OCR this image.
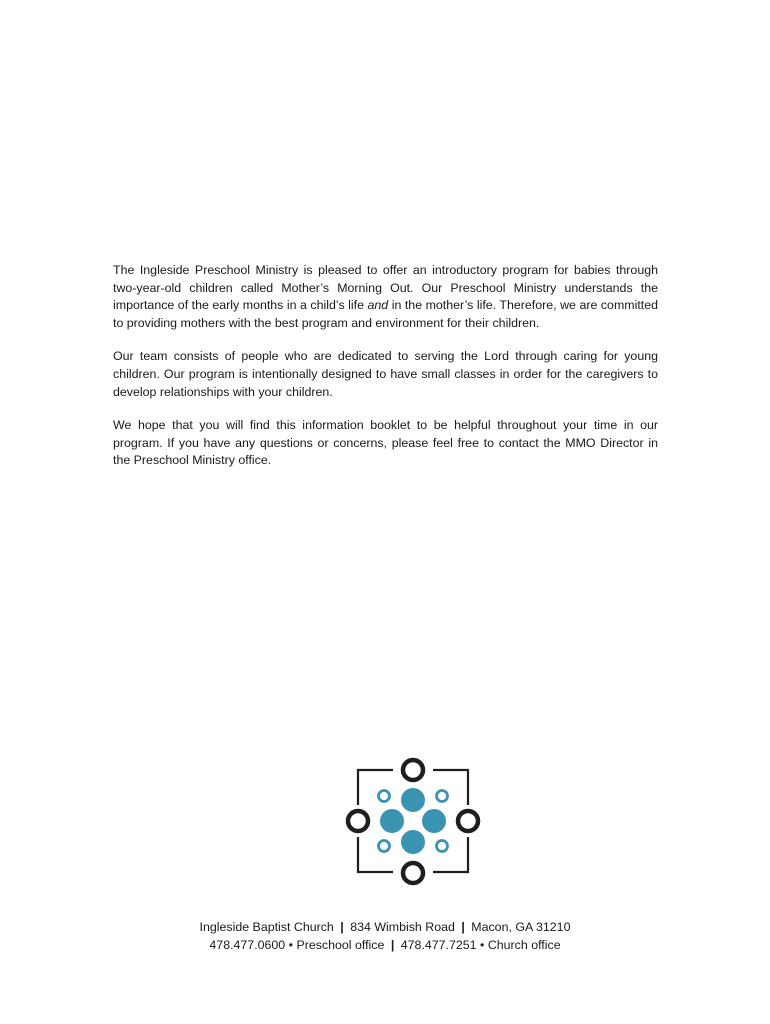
The Ingleside Preschool Ministry is pleased to offer an introductory program for babies through two-year-old children called Mother’s Morning Out. Our Preschool Ministry understands the importance of the early months in a child’s life and in the mother’s life. Therefore, we are committed to providing mothers with the best program and environment for their children.

Our team consists of people who are dedicated to serving the Lord through caring for young children. Our program is intentionally designed to have small classes in order for the caregivers to develop relationships with your children.

We hope that you will find this information booklet to be helpful throughout your time in our program. If you have any questions or concerns, please feel free to contact the MMO Director in the Preschool Ministry office.

Ingleside Baptist Church | 834 Wimbish Road | Macon, GA 31210
478.477.0600 • Preschool office | 478.477.7251 • Church office
